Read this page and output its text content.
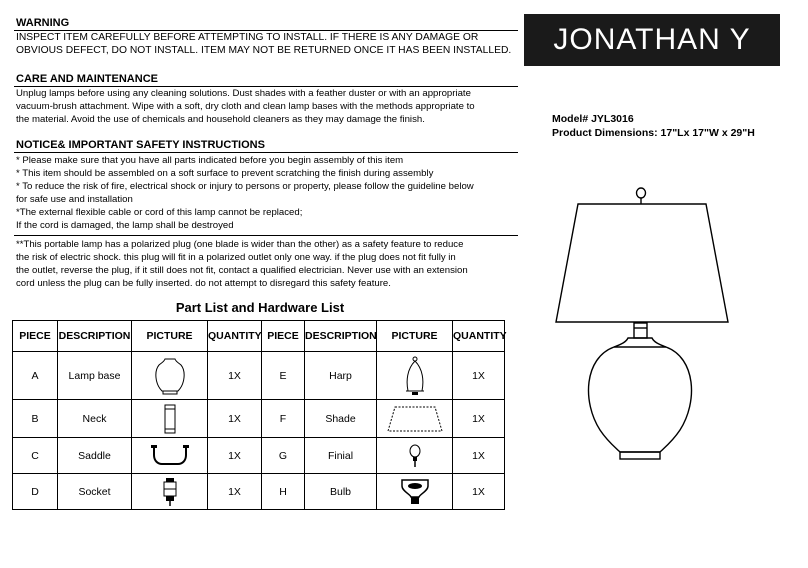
WARNING
INSPECT ITEM CAREFULLY BEFORE ATTEMPTING TO INSTALL. IF THERE IS ANY DAMAGE OR
OBVIOUS DEFECT, DO NOT INSTALL. ITEM MAY NOT BE RETURNED ONCE IT HAS BEEN INSTALLED.
CARE AND MAINTENANCE
Unplug lamps before using any cleaning solutions. Dust shades with a feather duster or with an appropriate
vacuum-brush attachment. Wipe with a soft, dry cloth and clean lamp bases with the methods appropriate to
the material. Avoid the use of chemicals and household cleaners as they may damage the finish.
NOTICE& IMPORTANT SAFETY INSTRUCTIONS
* Please make sure that you have all parts indicated before you begin assembly of this item
* This item should be assembled on a soft surface to prevent scratching the finish during assembly
* To reduce the risk of fire, electrical shock or injury to persons or property, please follow the guideline below
for safe use and installation
*The external flexible cable or cord of this lamp cannot be replaced;
If the cord is damaged, the lamp shall be destroyed
**This portable lamp has a polarized plug (one blade is wider than the other) as a safety feature to reduce
the risk of electric shock. this plug will fit in a polarized outlet only one way. if the plug does not fit fully in
the outlet, reverse the plug, if it still does not fit, contact a qualified electrician. Never use with an extension
cord unless the plug can be fully inserted. do not attempt to disregard this safety feature.
JONATHAN Y
Model# JYL3016
Product Dimensions: 17"Lx 17"W x 29"H
Part List and Hardware List
PIECE	DESCRIPTION	PICTURE	QUANTITY	PIECE	DESCRIPTION	PICTURE	QUANTITY
A	Lamp base		1X	E	Harp		1X
B	Neck		1X	F	Shade		1X
C	Saddle		1X	G	Finial		1X
D	Socket		1X	H	Bulb		1X
